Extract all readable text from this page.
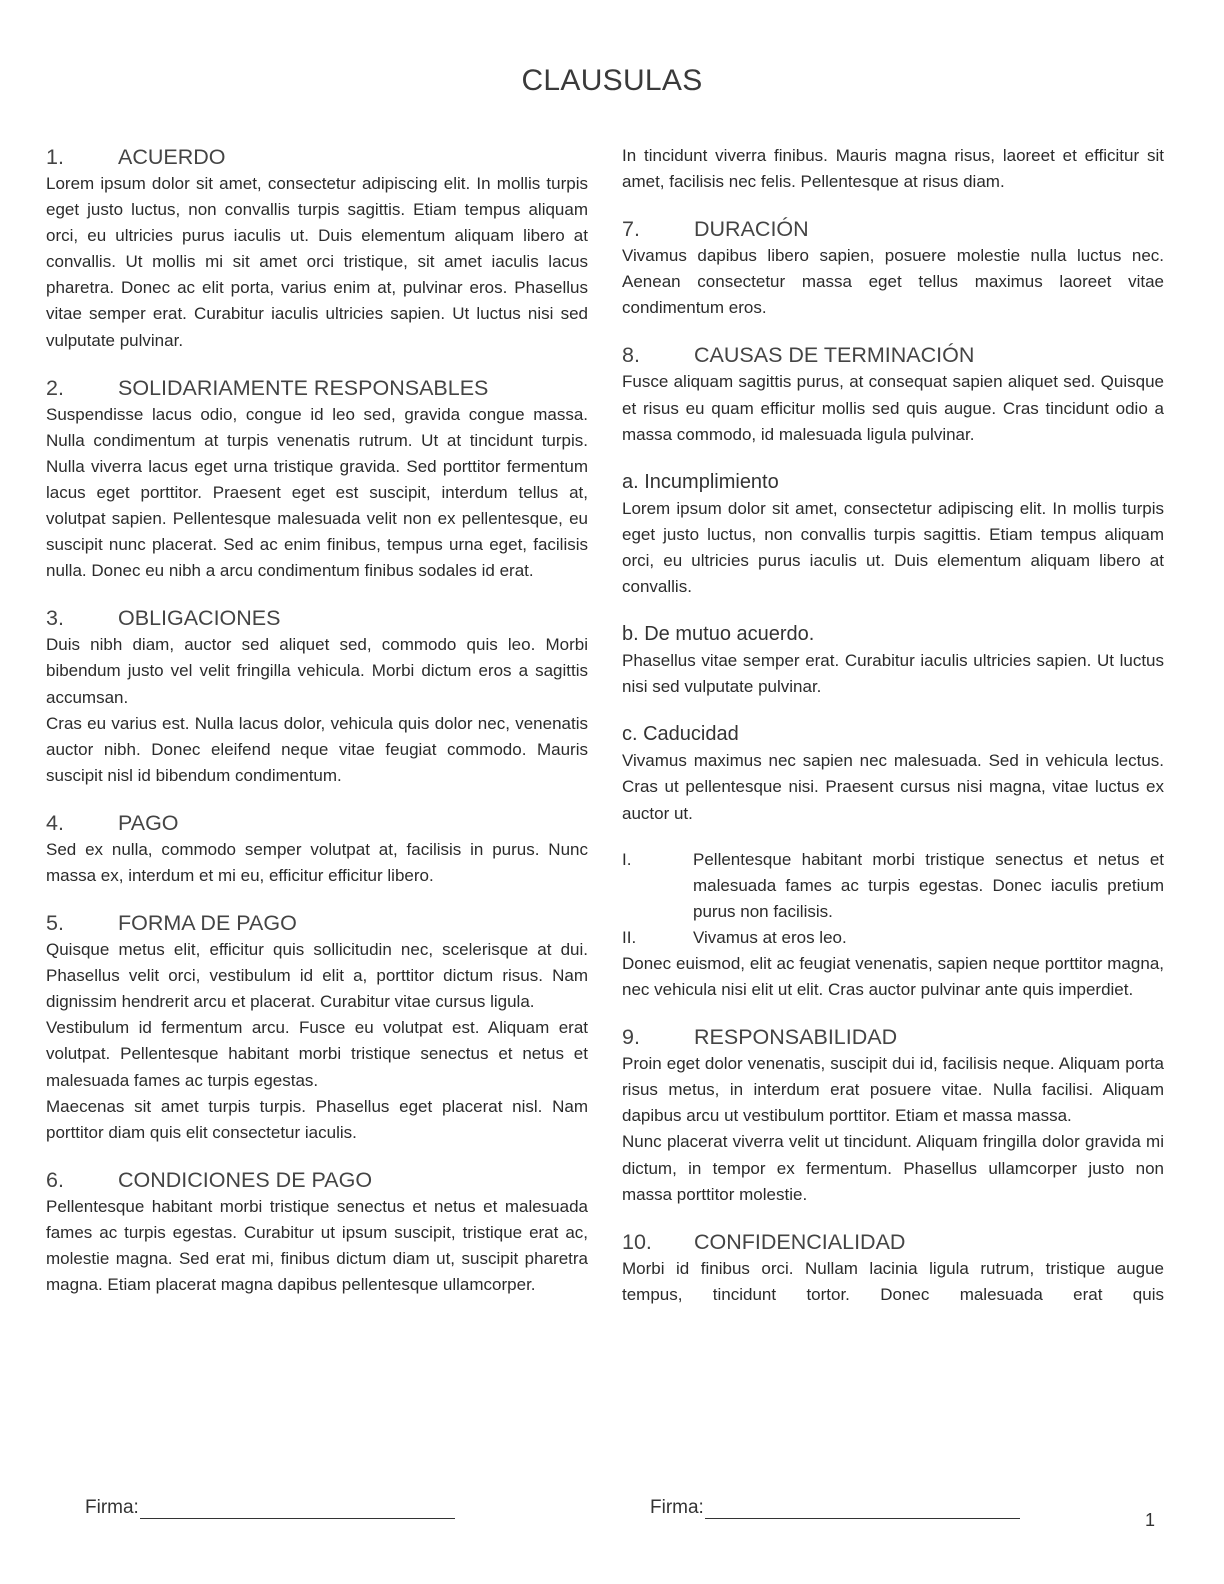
CLAUSULAS
1.	ACUERDO
Lorem ipsum dolor sit amet, consectetur adipiscing elit. In mollis turpis eget justo luctus, non convallis turpis sagittis. Etiam tempus aliquam orci, eu ultricies purus iaculis ut. Duis elementum aliquam libero at convallis. Ut mollis mi sit amet orci tristique, sit amet iaculis lacus pharetra. Donec ac elit porta, varius enim at, pulvinar eros. Phasellus vitae semper erat. Curabitur iaculis ultricies sapien. Ut luctus nisi sed vulputate pulvinar.
2.	SOLIDARIAMENTE RESPONSABLES
Suspendisse lacus odio, congue id leo sed, gravida congue massa. Nulla condimentum at turpis venenatis rutrum. Ut at tincidunt turpis. Nulla viverra lacus eget urna tristique gravida. Sed porttitor fermentum lacus eget porttitor. Praesent eget est suscipit, interdum tellus at, volutpat sapien. Pellentesque malesuada velit non ex pellentesque, eu suscipit nunc placerat. Sed ac enim finibus, tempus urna eget, facilisis nulla. Donec eu nibh a arcu condimentum finibus sodales id erat.
3.	OBLIGACIONES
Duis nibh diam, auctor sed aliquet sed, commodo quis leo. Morbi bibendum justo vel velit fringilla vehicula. Morbi dictum eros a sagittis accumsan.
Cras eu varius est. Nulla lacus dolor, vehicula quis dolor nec, venenatis auctor nibh. Donec eleifend neque vitae feugiat commodo. Mauris suscipit nisl id bibendum condimentum.
4.	PAGO
Sed ex nulla, commodo semper volutpat at, facilisis in purus. Nunc massa ex, interdum et mi eu, efficitur efficitur libero.
5.	FORMA DE PAGO
Quisque metus elit, efficitur quis sollicitudin nec, scelerisque at dui. Phasellus velit orci, vestibulum id elit a, porttitor dictum risus. Nam dignissim hendrerit arcu et placerat. Curabitur vitae cursus ligula.
Vestibulum id fermentum arcu. Fusce eu volutpat est. Aliquam erat volutpat. Pellentesque habitant morbi tristique senectus et netus et malesuada fames ac turpis egestas.
Maecenas sit amet turpis turpis. Phasellus eget placerat nisl. Nam porttitor diam quis elit consectetur iaculis.
6.	CONDICIONES DE PAGO
Pellentesque habitant morbi tristique senectus et netus et malesuada fames ac turpis egestas. Curabitur ut ipsum suscipit, tristique erat ac, molestie magna. Sed erat mi, finibus dictum diam ut, suscipit pharetra magna. Etiam placerat magna dapibus pellentesque ullamcorper.
In tincidunt viverra finibus. Mauris magna risus, laoreet et efficitur sit amet, facilisis nec felis. Pellentesque at risus diam.
7.	DURACIÓN
Vivamus dapibus libero sapien, posuere molestie nulla luctus nec. Aenean consectetur massa eget tellus maximus laoreet vitae condimentum eros.
8.	CAUSAS DE TERMINACIÓN
Fusce aliquam sagittis purus, at consequat sapien aliquet sed. Quisque et risus eu quam efficitur mollis sed quis augue. Cras tincidunt odio a massa commodo, id malesuada ligula pulvinar.
a. Incumplimiento
Lorem ipsum dolor sit amet, consectetur adipiscing elit. In mollis turpis eget justo luctus, non convallis turpis sagittis. Etiam tempus aliquam orci, eu ultricies purus iaculis ut. Duis elementum aliquam libero at convallis.
b. De mutuo acuerdo.
Phasellus vitae semper erat. Curabitur iaculis ultricies sapien. Ut luctus nisi sed vulputate pulvinar.
c. Caducidad
Vivamus maximus nec sapien nec malesuada. Sed in vehicula lectus. Cras ut pellentesque nisi. Praesent cursus nisi magna, vitae luctus ex auctor ut.
I.	Pellentesque habitant morbi tristique senectus et netus et malesuada fames ac turpis egestas. Donec iaculis pretium purus non facilisis.
II.	Vivamus at eros leo.
Donec euismod, elit ac feugiat venenatis, sapien neque porttitor magna, nec vehicula nisi elit ut elit. Cras auctor pulvinar ante quis imperdiet.
9.	RESPONSABILIDAD
Proin eget dolor venenatis, suscipit dui id, facilisis neque. Aliquam porta risus metus, in interdum erat posuere vitae. Nulla facilisi. Aliquam dapibus arcu ut vestibulum porttitor. Etiam et massa massa.
Nunc placerat viverra velit ut tincidunt. Aliquam fringilla dolor gravida mi dictum, in tempor ex fermentum. Phasellus ullamcorper justo non massa porttitor molestie.
10.	CONFIDENCIALIDAD
Morbi id finibus orci. Nullam lacinia ligula rutrum, tristique augue tempus, tincidunt tortor. Donec malesuada erat quis
Firma:	Firma:
1
